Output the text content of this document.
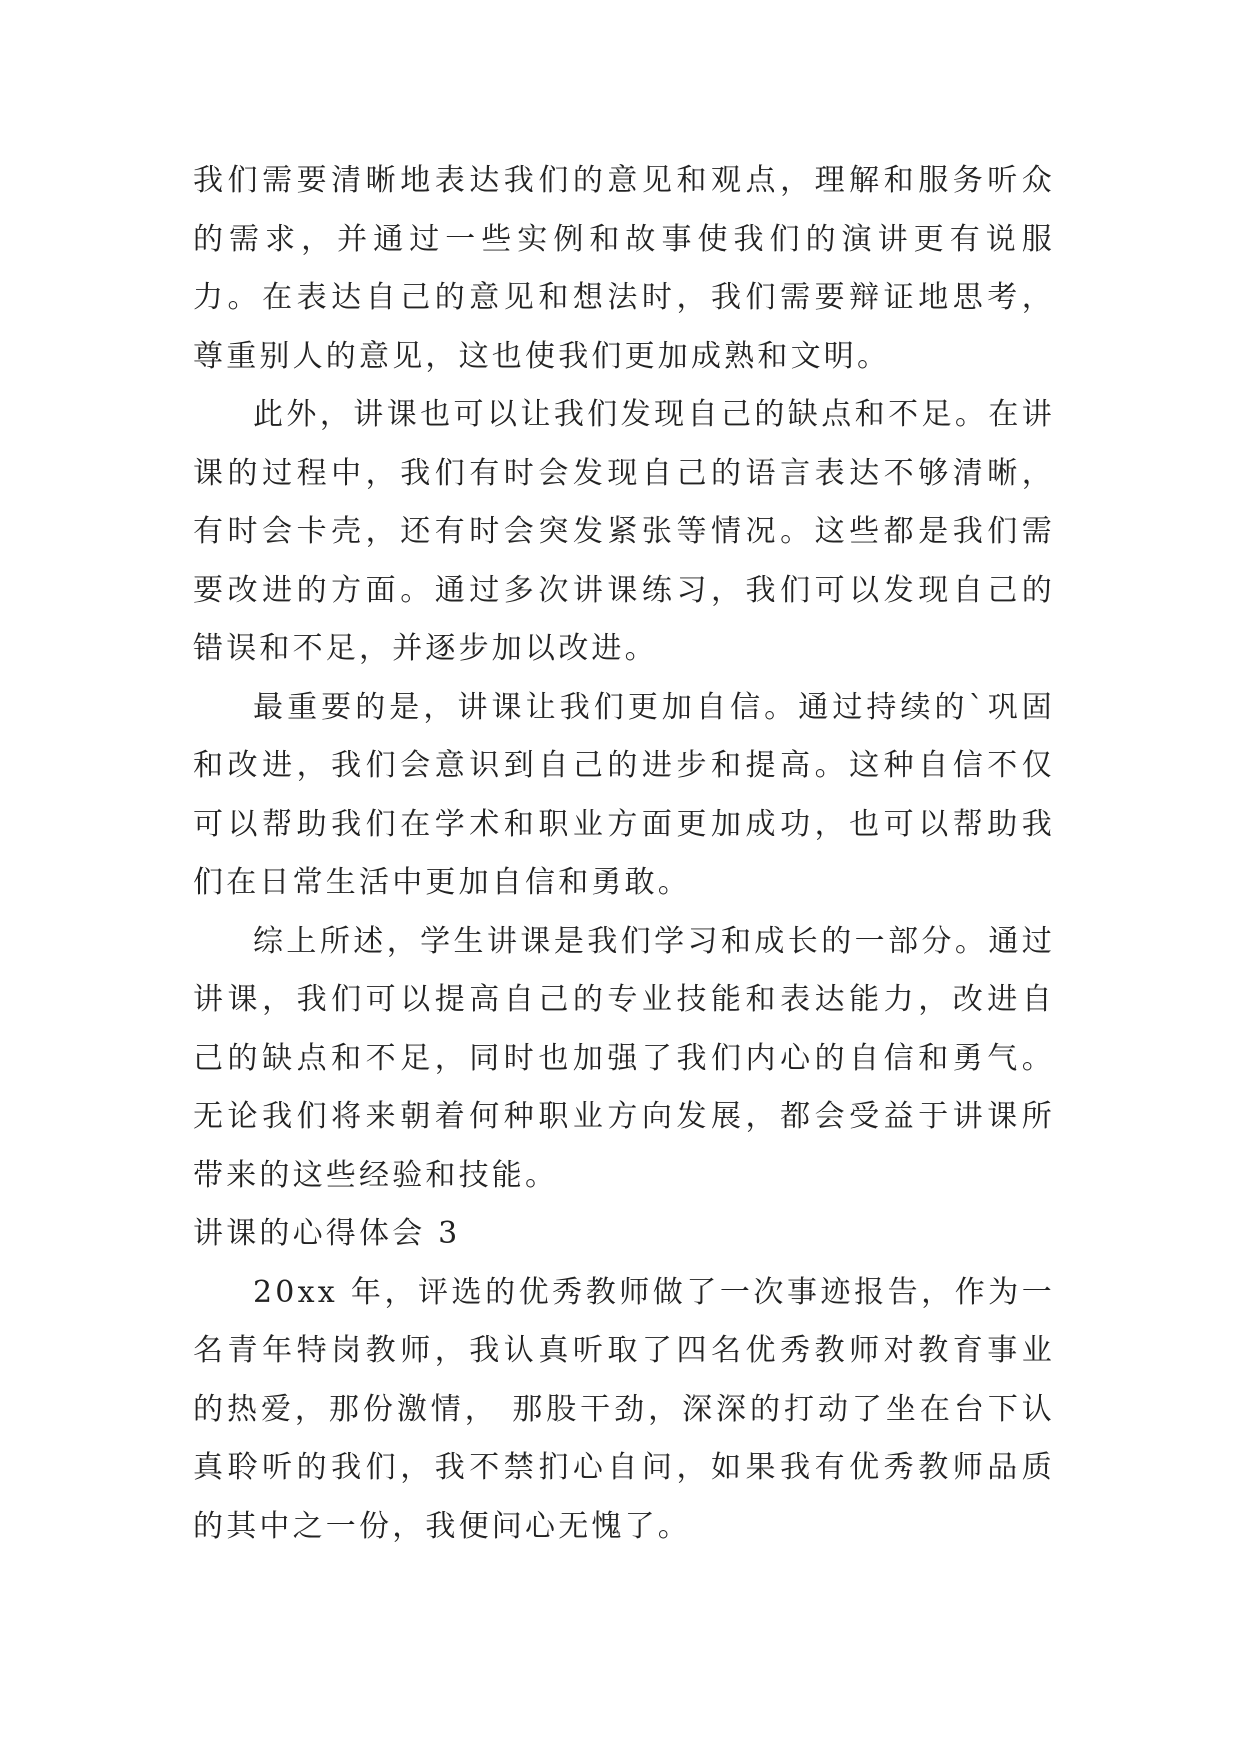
我们需要清晰地表达我们的意见和观点，理解和服务听众的需求，并通过一些实例和故事使我们的演讲更有说服力。在表达自己的意见和想法时，我们需要辩证地思考，尊重别人的意见，这也使我们更加成熟和文明。

此外，讲课也可以让我们发现自己的缺点和不足。在讲课的过程中，我们有时会发现自己的语言表达不够清晰，有时会卡壳，还有时会突发紧张等情况。这些都是我们需要改进的方面。通过多次讲课练习，我们可以发现自己的错误和不足，并逐步加以改进。

最重要的是，讲课让我们更加自信。通过持续的`巩固和改进，我们会意识到自己的进步和提高。这种自信不仅可以帮助我们在学术和职业方面更加成功，也可以帮助我们在日常生活中更加自信和勇敢。

综上所述，学生讲课是我们学习和成长的一部分。通过讲课，我们可以提高自己的专业技能和表达能力，改进自己的缺点和不足，同时也加强了我们内心的自信和勇气。无论我们将来朝着何种职业方向发展，都会受益于讲课所带来的这些经验和技能。

讲课的心得体会 3

20xx 年，评选的优秀教师做了一次事迹报告，作为一名青年特岗教师，我认真听取了四名优秀教师对教育事业的热爱，那份激情， 那股干劲，深深的打动了坐在台下认真聆听的我们，我不禁扪心自问，如果我有优秀教师品质的其中之一份，我便问心无愧了。
